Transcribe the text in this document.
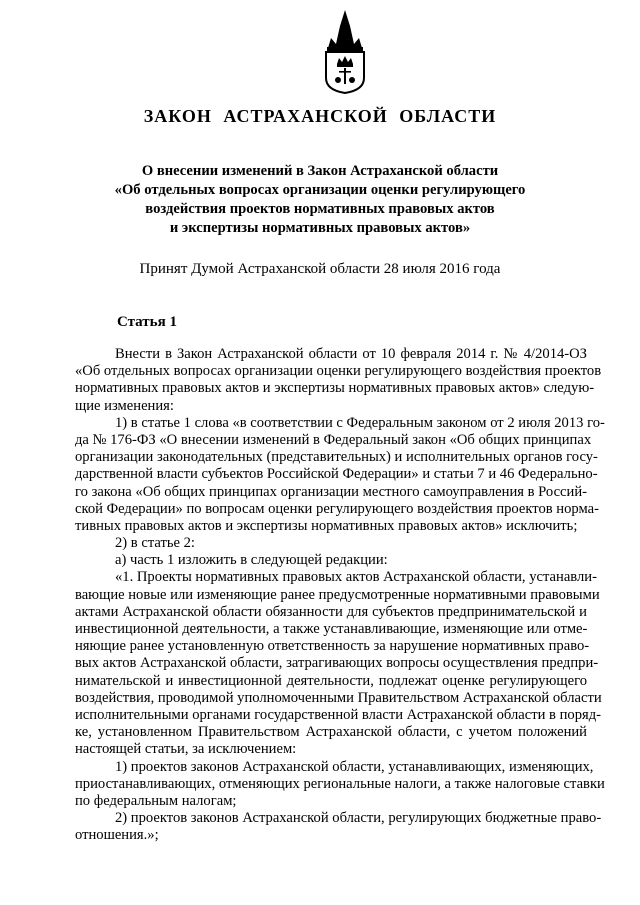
ЗАКОН АСТРАХАНСКОЙ ОБЛАСТИ
О внесении изменений в Закон Астраханской области
«Об отдельных вопросах организации оценки регулирующего
воздействия проектов нормативных правовых актов
и экспертизы нормативных правовых актов»
Принят Думой Астраханской области 28 июля 2016 года
Статья 1
Внести в Закон Астраханской области от 10 февраля 2014 г. № 4/2014-ОЗ
«Об отдельных вопросах организации оценки регулирующего воздействия проектов
нормативных правовых актов и экспертизы нормативных правовых актов» следую-
щие изменения:
1) в статье 1 слова «в соответствии с Федеральным законом от 2 июля 2013 го-
да № 176-ФЗ «О внесении изменений в Федеральный закон «Об общих принципах
организации законодательных (представительных) и исполнительных органов госу-
дарственной власти субъектов Российской Федерации» и статьи 7 и 46 Федерально-
го закона «Об общих принципах организации местного самоуправления в Россий-
ской Федерации» по вопросам оценки регулирующего воздействия проектов норма-
тивных правовых актов и экспертизы нормативных правовых актов» исключить;
2) в статье 2:
а) часть 1 изложить в следующей редакции:
«1. Проекты нормативных правовых актов Астраханской области, устанавли-
вающие новые или изменяющие ранее предусмотренные нормативными правовыми
актами Астраханской области обязанности для субъектов предпринимательской и
инвестиционной деятельности, а также устанавливающие, изменяющие или отме-
няющие ранее установленную ответственность за нарушение нормативных право-
вых актов Астраханской области, затрагивающих вопросы осуществления предпри-
нимательской и инвестиционной деятельности, подлежат оценке регулирующего
воздействия, проводимой уполномоченными Правительством Астраханской области
исполнительными органами государственной власти Астраханской области в поряд-
ке, установленном Правительством Астраханской области, с учетом положений
настоящей статьи, за исключением:
1) проектов законов Астраханской области, устанавливающих, изменяющих,
приостанавливающих, отменяющих региональные налоги, а также налоговые ставки
по федеральным налогам;
2) проектов законов Астраханской области, регулирующих бюджетные право-
отношения.»;
